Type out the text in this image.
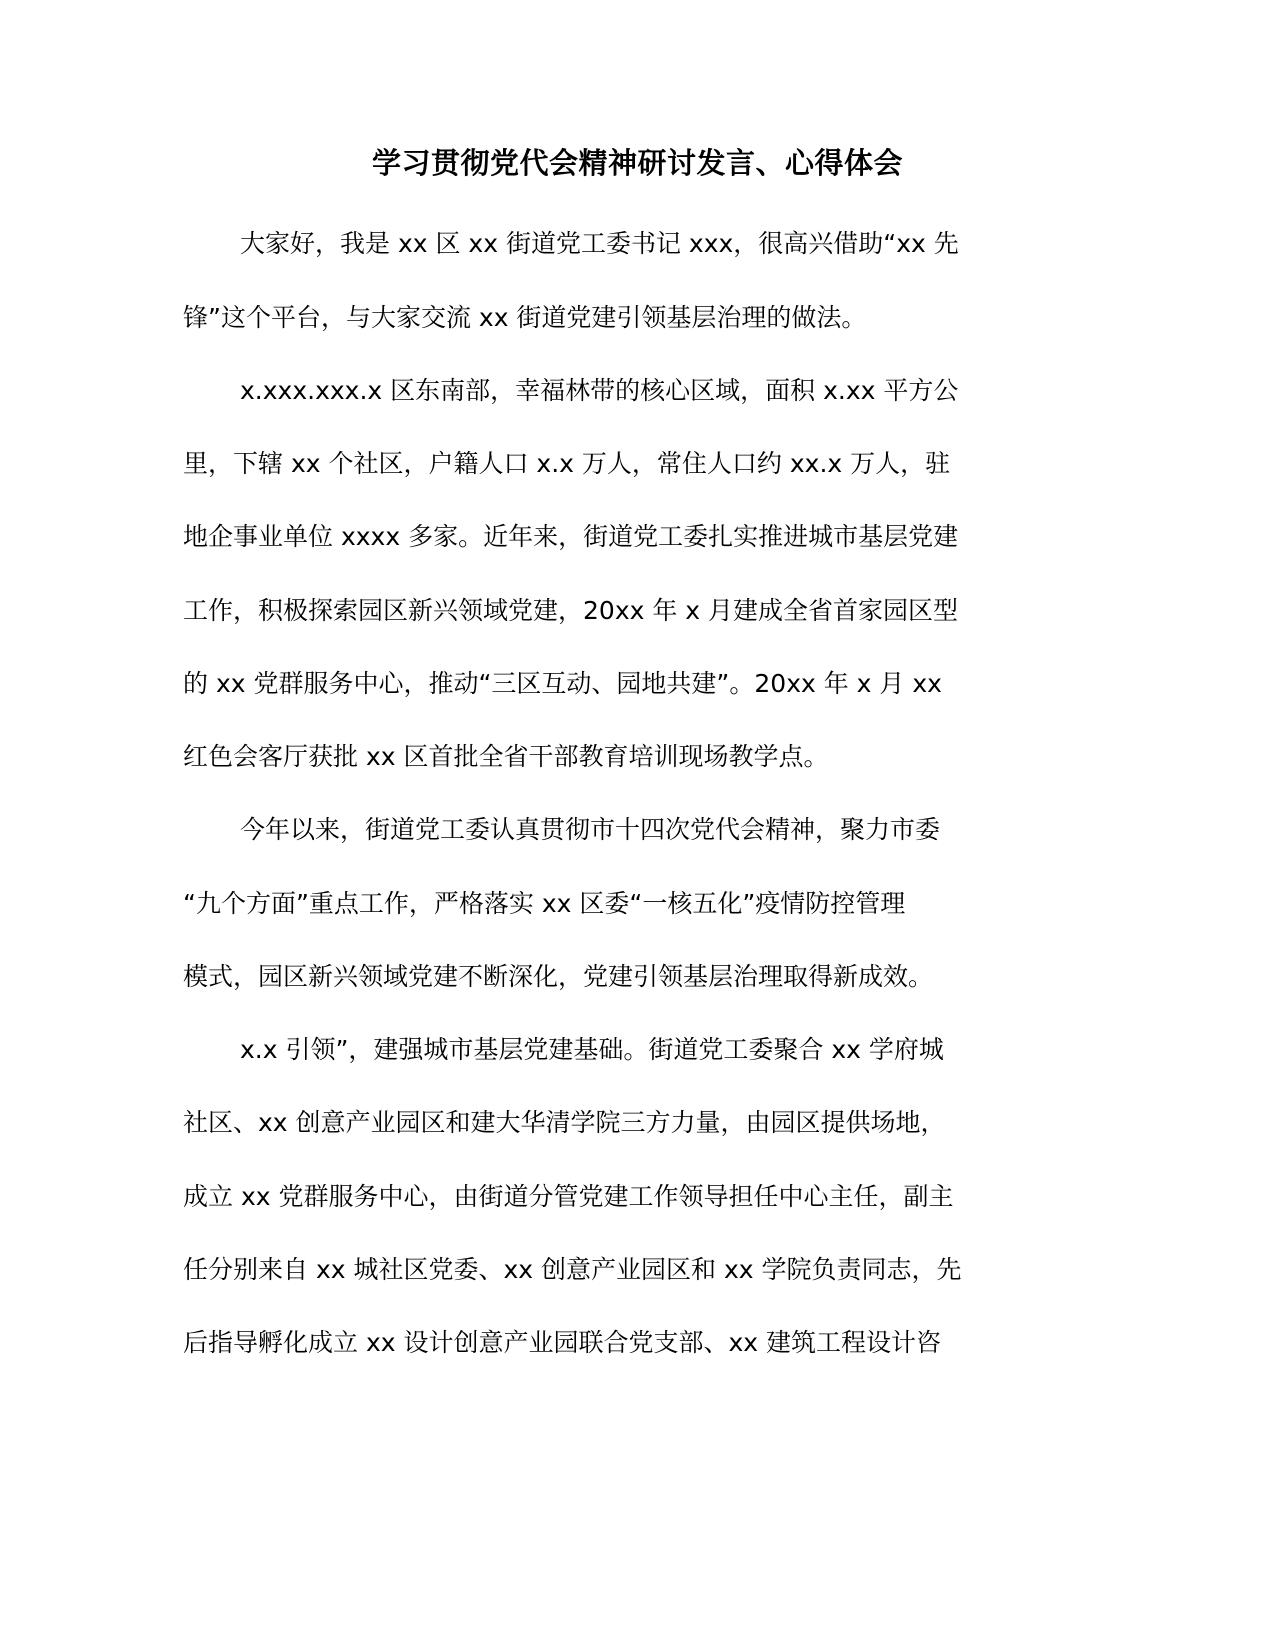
学习贯彻党代会精神研讨发言、心得体会
大家好，我是 xx 区 xx 街道党工委书记 xxx，很高兴借助“xx 先
锋”这个平台，与大家交流 xx 街道党建引领基层治理的做法。
x.xxx.xxx.x 区东南部，幸福林带的核心区域，面积 x.xx 平方公
里，下辖 xx 个社区，户籍人口 x.x 万人，常住人口约 xx.x 万人，驻
地企事业单位 xxxx 多家。近年来，街道党工委扎实推进城市基层党建
工作，积极探索园区新兴领域党建，20xx 年 x 月建成全省首家园区型
的 xx 党群服务中心，推动“三区互动、园地共建”。20xx 年 x 月 xx
红色会客厅获批 xx 区首批全省干部教育培训现场教学点。
今年以来，街道党工委认真贯彻市十四次党代会精神，聚力市委
“九个方面”重点工作，严格落实 xx 区委“一核五化”疫情防控管理
模式，园区新兴领域党建不断深化，党建引领基层治理取得新成效。
x.x 引领”，建强城市基层党建基础。街道党工委聚合 xx 学府城
社区、xx 创意产业园区和建大华清学院三方力量，由园区提供场地，
成立 xx 党群服务中心，由街道分管党建工作领导担任中心主任，副主
任分别来自 xx 城社区党委、xx 创意产业园区和 xx 学院负责同志，先
后指导孵化成立 xx 设计创意产业园联合党支部、xx 建筑工程设计咨
